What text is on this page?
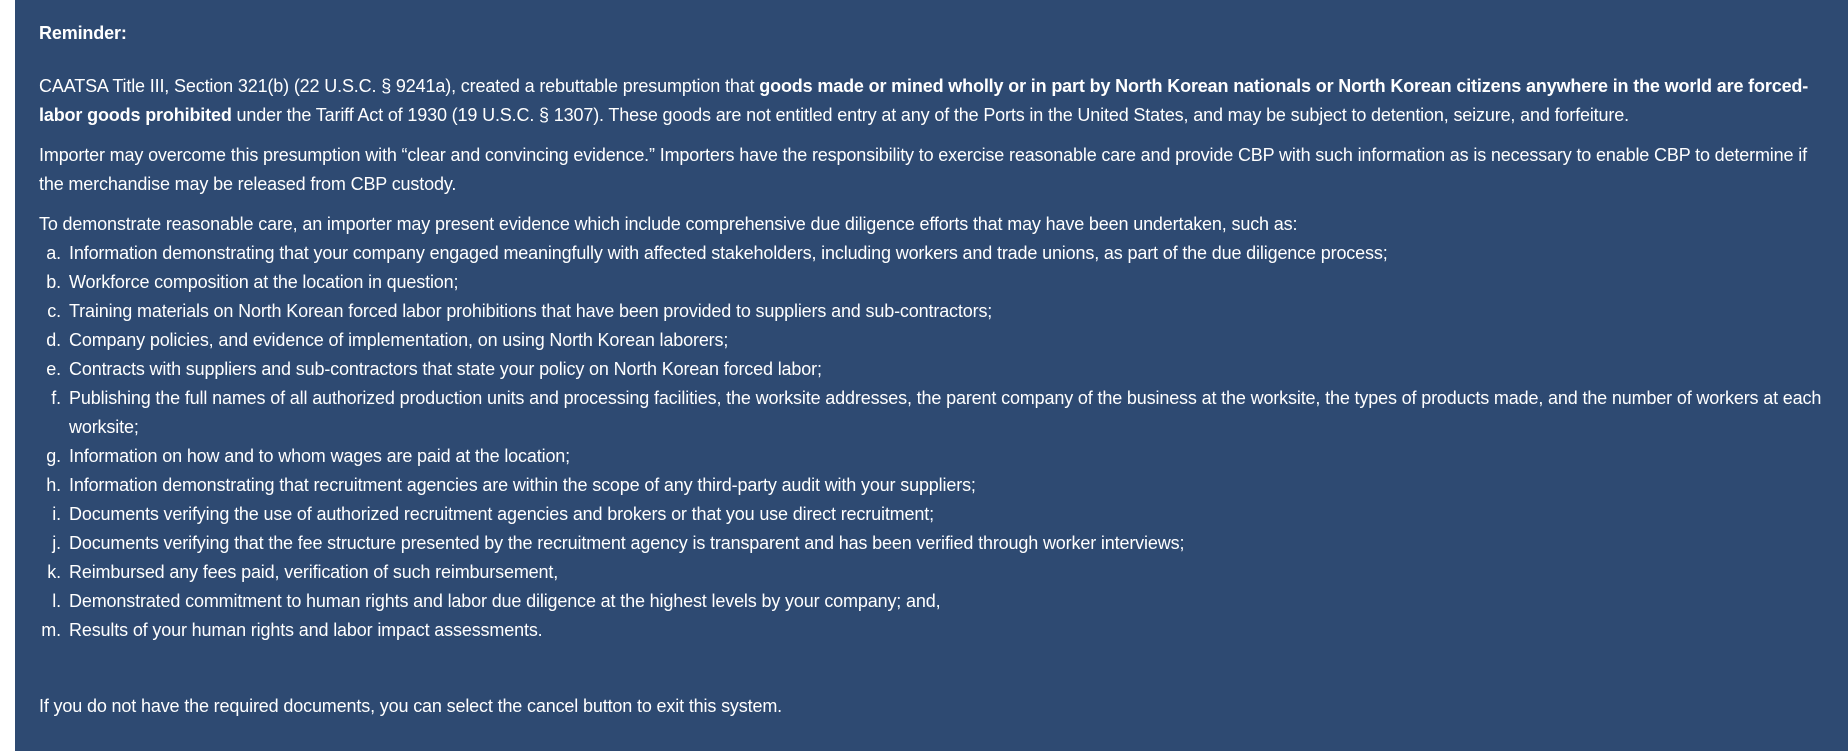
Reminder:

CAATSA Title III, Section 321(b) (22 U.S.C. § 9241a), created a rebuttable presumption that goods made or mined wholly or in part by North Korean nationals or North Korean citizens anywhere in the world are forced-labor goods prohibited under the Tariff Act of 1930 (19 U.S.C. § 1307). These goods are not entitled entry at any of the Ports in the United States, and may be subject to detention, seizure, and forfeiture.

Importer may overcome this presumption with “clear and convincing evidence.” Importers have the responsibility to exercise reasonable care and provide CBP with such information as is necessary to enable CBP to determine if the merchandise may be released from CBP custody.

To demonstrate reasonable care, an importer may present evidence which include comprehensive due diligence efforts that may have been undertaken, such as:
a. Information demonstrating that your company engaged meaningfully with affected stakeholders, including workers and trade unions, as part of the due diligence process;
b. Workforce composition at the location in question;
c. Training materials on North Korean forced labor prohibitions that have been provided to suppliers and sub-contractors;
d. Company policies, and evidence of implementation, on using North Korean laborers;
e. Contracts with suppliers and sub-contractors that state your policy on North Korean forced labor;
f. Publishing the full names of all authorized production units and processing facilities, the worksite addresses, the parent company of the business at the worksite, the types of products made, and the number of workers at each worksite;
g. Information on how and to whom wages are paid at the location;
h. Information demonstrating that recruitment agencies are within the scope of any third-party audit with your suppliers;
i. Documents verifying the use of authorized recruitment agencies and brokers or that you use direct recruitment;
j. Documents verifying that the fee structure presented by the recruitment agency is transparent and has been verified through worker interviews;
k. Reimbursed any fees paid, verification of such reimbursement,
l. Demonstrated commitment to human rights and labor due diligence at the highest levels by your company; and,
m. Results of your human rights and labor impact assessments.
If you do not have the required documents, you can select the cancel button to exit this system.
